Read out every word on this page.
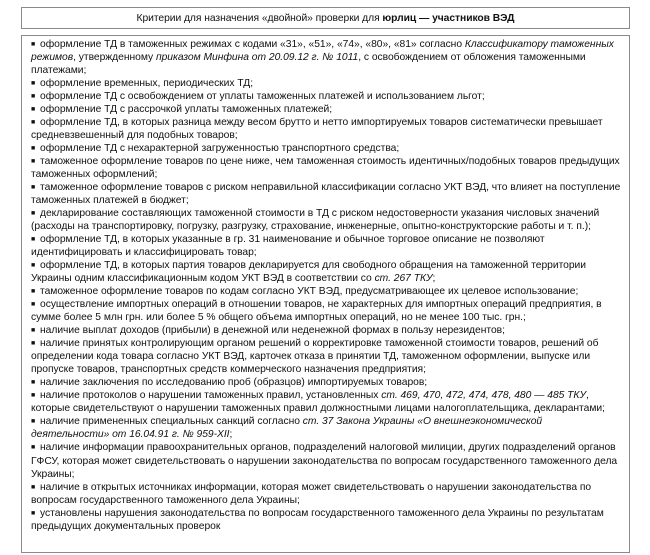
Критерии для назначения «двойной» проверки для юрлиц — участников ВЭД

■ оформление ТД в таможенных режимах с кодами «31», «51», «74», «80», «81» согласно Классификатору таможенных режимов, утвержденному приказом Минфина от 20.09.12 г. № 1011, с освобождением от обложения таможенными платежами;

■ оформление временных, периодических ТД;

■ оформление ТД с освобождением от уплаты таможенных платежей и использованием льгот;

■ оформление ТД с рассрочкой уплаты таможенных платежей;

■ оформление ТД, в которых разница между весом брутто и нетто импортируемых товаров систематически превышает средневзвешенный для подобных товаров;

■ оформление ТД с нехарактерной загруженностью транспортного средства;

■ таможенное оформление товаров по цене ниже, чем таможенная стоимость идентичных/подобных товаров предыдущих таможенных оформлений;

■ таможенное оформление товаров с риском неправильной классификации согласно УКТ ВЭД, что влияет на поступление таможенных платежей в бюджет;

■ декларирование составляющих таможенной стоимости в ТД с риском недостоверности указания числовых значений (расходы на транспортировку, погрузку, разгрузку, страхование, инженерные, опытно-конструкторские работы и т. п.);

■ оформление ТД, в которых указанные в гр. 31 наименование и обычное торговое описание не позволяют идентифицировать и классифицировать товар;

■ оформление ТД, в которых партия товаров декларируется для свободного обращения на таможенной территории Украины одним классификационным кодом УКТ ВЭД в соответствии со ст. 267 ТКУ;

■ таможенное оформление товаров по кодам согласно УКТ ВЭД, предусматривающее их целевое использование;

■ осуществление импортных операций в отношении товаров, не характерных для импортных операций предприятия, в сумме более 5 млн грн. или более 5 % общего объема импортных операций, но не менее 100 тыс. грн.;

■ наличие выплат доходов (прибыли) в денежной или неденежной формах в пользу нерезидентов;

■ наличие принятых контролирующим органом решений о корректировке таможенной стоимости товаров, решений об определении кода товара согласно УКТ ВЭД, карточек отказа в принятии ТД, таможенном оформлении, выпуске или пропуске товаров, транспортных средств коммерческого назначения предприятия;

■ наличие заключения по исследованию проб (образцов) импортируемых товаров;

■ наличие протоколов о нарушении таможенных правил, установленных ст. 469, 470, 472, 474, 478, 480 — 485 ТКУ, которые свидетельствуют о нарушении таможенных правил должностными лицами налогоплательщика, декларантами;

■ наличие примененных специальных санкций согласно ст. 37 Закона Украины «О внешнеэкономической деятельности» от 16.04.91 г. № 959-XII;

■ наличие информации правоохранительных органов, подразделений налоговой милиции, других подразделений органов ГФСУ, которая может свидетельствовать о нарушении законодательства по вопросам государственного таможенного дела Украины;

■ наличие в открытых источниках информации, которая может свидетельствовать о нарушении законодательства по вопросам государственного таможенного дела Украины;

■ установлены нарушения законодательства по вопросам государственного таможенного дела Украины по результатам предыдущих документальных проверок
